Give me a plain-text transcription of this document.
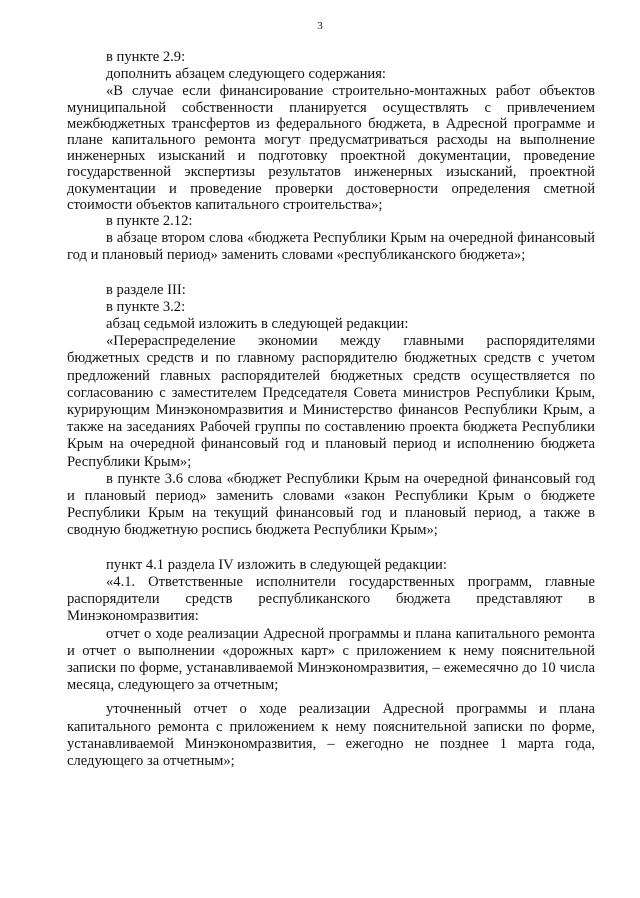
3

в пункте 2.9:

дополнить абзацем следующего содержания:

«В случае если финансирование строительно-монтажных работ объектов муниципальной собственности планируется осуществлять с привлечением межбюджетных трансфертов из федерального бюджета, в Адресной программе и плане капитального ремонта могут предусматриваться расходы на выполнение инженерных изысканий и подготовку проектной документации, проведение государственной экспертизы результатов инженерных изысканий, проектной документации и проведение проверки достоверности определения сметной стоимости объектов капитального строительства»;

в пункте 2.12:

в абзаце втором слова «бюджета Республики Крым на очередной финансовый год и плановый период» заменить словами «республиканского бюджета»;

в разделе III:

в пункте 3.2:

абзац седьмой изложить в следующей редакции:

«Перераспределение экономии между главными распорядителями бюджетных средств и по главному распорядителю бюджетных средств с учетом предложений главных распорядителей бюджетных средств осуществляется по согласованию с заместителем Председателя Совета министров Республики Крым, курирующим Минэкономразвития и Министерство финансов Республики Крым, а также на заседаниях Рабочей группы по составлению проекта бюджета Республики Крым на очередной финансовый год и плановый период и исполнению бюджета Республики Крым»;

в пункте 3.6 слова «бюджет Республики Крым на очередной финансовый год и плановый период» заменить словами «закон Республики Крым о бюджете Республики Крым на текущий финансовый год и плановый период, а также в сводную бюджетную роспись бюджета Республики Крым»;

пункт 4.1 раздела IV изложить в следующей редакции:

«4.1. Ответственные исполнители государственных программ, главные распорядители средств республиканского бюджета представляют в Минэкономразвития:

отчет о ходе реализации Адресной программы и плана капитального ремонта и отчет о выполнении «дорожных карт» с приложением к нему пояснительной записки по форме, устанавливаемой Минэкономразвития, – ежемесячно до 10 числа месяца, следующего за отчетным;

уточненный отчет о ходе реализации Адресной программы и плана капитального ремонта с приложением к нему пояснительной записки по форме, устанавливаемой Минэкономразвития, – ежегодно не позднее 1 марта года, следующего за отчетным»;
